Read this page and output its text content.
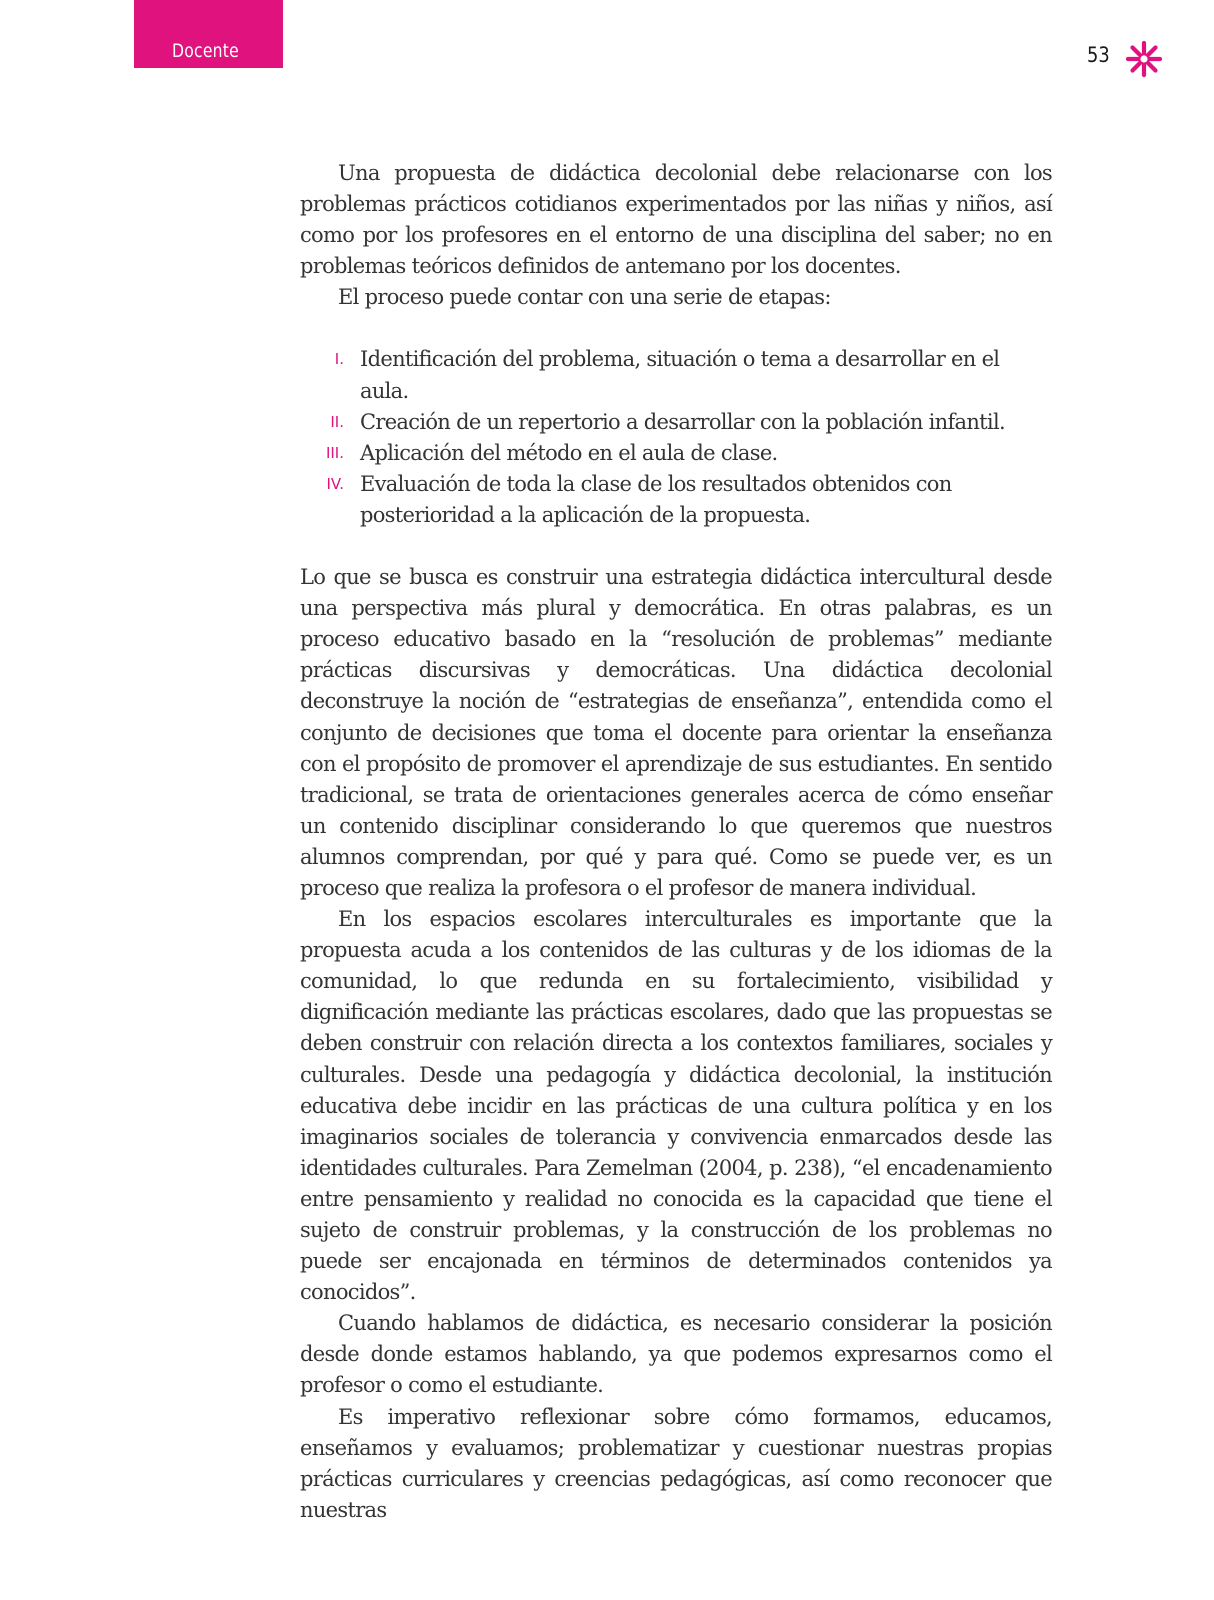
Docente	53

Una propuesta de didáctica decolonial debe relacionarse con los problemas prácticos cotidianos experimentados por las niñas y niños, así como por los profesores en el entorno de una disciplina del saber; no en problemas teóricos definidos de antemano por los docentes.

El proceso puede contar con una serie de etapas:

I. Identificación del problema, situación o tema a desarrollar en el aula.
II. Creación de un repertorio a desarrollar con la población infantil.
III. Aplicación del método en el aula de clase.
IV. Evaluación de toda la clase de los resultados obtenidos con posterioridad a la aplicación de la propuesta.

Lo que se busca es construir una estrategia didáctica intercultural desde una perspectiva más plural y democrática. En otras palabras, es un proceso educativo basado en la “resolución de problemas” mediante prácticas discursivas y democráticas. Una didáctica decolonial deconstruye la noción de “estrategias de enseñanza”, entendida como el conjunto de decisiones que toma el docente para orientar la enseñanza con el propósito de promover el aprendizaje de sus estudiantes. En sentido tradicional, se trata de orientaciones generales acerca de cómo enseñar un contenido disciplinar considerando lo que queremos que nuestros alumnos comprendan, por qué y para qué. Como se puede ver, es un proceso que realiza la profesora o el profesor de manera individual.

En los espacios escolares interculturales es importante que la propuesta acuda a los contenidos de las culturas y de los idiomas de la comunidad, lo que redunda en su fortalecimiento, visibilidad y dignificación mediante las prácticas escolares, dado que las propuestas se deben construir con relación directa a los contextos familiares, sociales y culturales. Desde una pedagogía y didáctica decolonial, la institución educativa debe incidir en las prácticas de una cultura política y en los imaginarios sociales de tolerancia y convivencia enmarcados desde las identidades culturales. Para Zemelman (2004, p. 238), “el encadenamiento entre pensamiento y realidad no conocida es la capacidad que tiene el sujeto de construir problemas, y la construcción de los problemas no puede ser encajonada en términos de determinados contenidos ya conocidos”.

Cuando hablamos de didáctica, es necesario considerar la posición desde donde estamos hablando, ya que podemos expresarnos como el profesor o como el estudiante.

Es imperativo reflexionar sobre cómo formamos, educamos, enseñamos y evaluamos; problematizar y cuestionar nuestras propias prácticas curriculares y creencias pedagógicas, así como reconocer que nuestras
